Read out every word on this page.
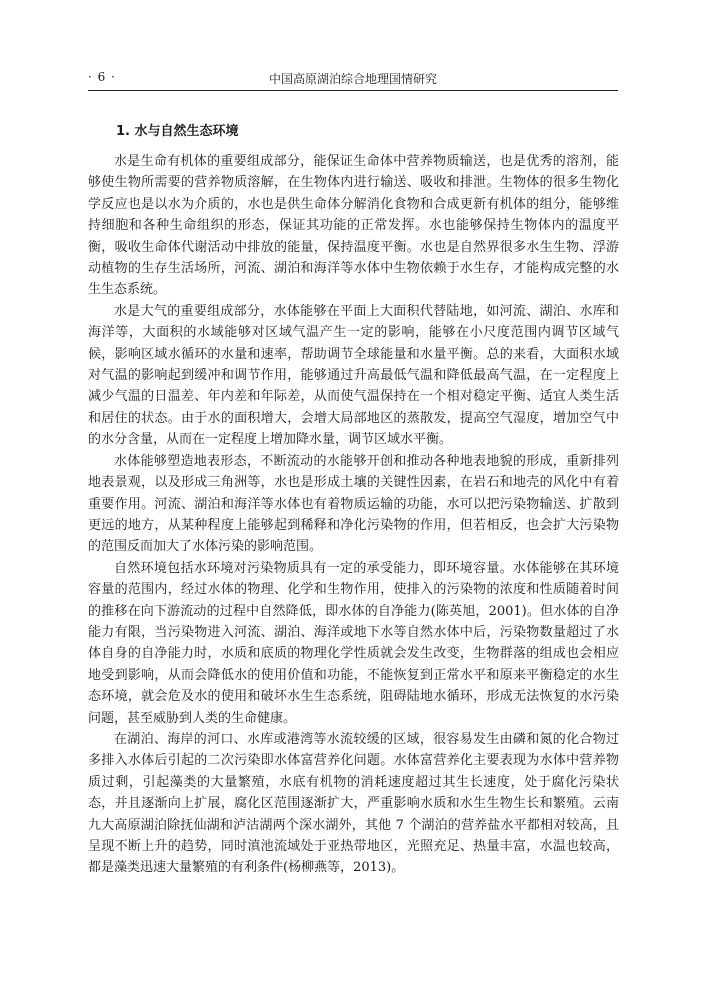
· 6 ·	中国高原湖泊综合地理国情研究
1. 水与自然生态环境

水是生命有机体的重要组成部分，能保证生命体中营养物质输送，也是优秀的溶剂，能够使生物所需要的营养物质溶解，在生物体内进行输送、吸收和排泄。生物体的很多生物化学反应也是以水为介质的，水也是供生命体分解消化食物和合成更新有机体的组分，能够维持细胞和各种生命组织的形态，保证其功能的正常发挥。水也能够保持生物体内的温度平衡，吸收生命体代谢活动中排放的能量，保持温度平衡。水也是自然界很多水生生物、浮游动植物的生存生活场所，河流、湖泊和海洋等水体中生物依赖于水生存，才能构成完整的水生生态系统。

水是大气的重要组成部分，水体能够在平面上大面积代替陆地，如河流、湖泊、水库和海洋等，大面积的水域能够对区域气温产生一定的影响，能够在小尺度范围内调节区域气候，影响区域水循环的水量和速率，帮助调节全球能量和水量平衡。总的来看，大面积水域对气温的影响起到缓冲和调节作用，能够通过升高最低气温和降低最高气温，在一定程度上减少气温的日温差、年内差和年际差，从而使气温保持在一个相对稳定平衡、适宜人类生活和居住的状态。由于水的面积增大，会增大局部地区的蒸散发，提高空气湿度，增加空气中的水分含量，从而在一定程度上增加降水量，调节区域水平衡。

水体能够塑造地表形态，不断流动的水能够开创和推动各种地表地貌的形成，重新排列地表景观，以及形成三角洲等，水也是形成土壤的关键性因素，在岩石和地壳的风化中有着重要作用。河流、湖泊和海洋等水体也有着物质运输的功能，水可以把污染物输送、扩散到更远的地方，从某种程度上能够起到稀释和净化污染物的作用，但若相反，也会扩大污染物的范围反而加大了水体污染的影响范围。

自然环境包括水环境对污染物质具有一定的承受能力，即环境容量。水体能够在其环境容量的范围内，经过水体的物理、化学和生物作用，使排入的污染物的浓度和性质随着时间的推移在向下游流动的过程中自然降低，即水体的自净能力(陈英旭，2001)。但水体的自净能力有限，当污染物进入河流、湖泊、海洋或地下水等自然水体中后，污染物数量超过了水体自身的自净能力时，水质和底质的物理化学性质就会发生改变，生物群落的组成也会相应地受到影响，从而会降低水的使用价值和功能，不能恢复到正常水平和原来平衡稳定的水生态环境，就会危及水的使用和破坏水生生态系统，阻碍陆地水循环，形成无法恢复的水污染问题，甚至威胁到人类的生命健康。

在湖泊、海岸的河口、水库或港湾等水流较缓的区域，很容易发生由磷和氮的化合物过多排入水体后引起的二次污染即水体富营养化问题。水体富营养化主要表现为水体中营养物质过剩，引起藻类的大量繁殖，水底有机物的消耗速度超过其生长速度，处于腐化污染状态，并且逐渐向上扩展，腐化区范围逐渐扩大，严重影响水质和水生生物生长和繁殖。云南九大高原湖泊除抚仙湖和泸沽湖两个深水湖外，其他 7 个湖泊的营养盐水平都相对较高，且呈现不断上升的趋势，同时滇池流域处于亚热带地区，光照充足、热量丰富，水温也较高，都是藻类迅速大量繁殖的有利条件(杨柳燕等，2013)。
